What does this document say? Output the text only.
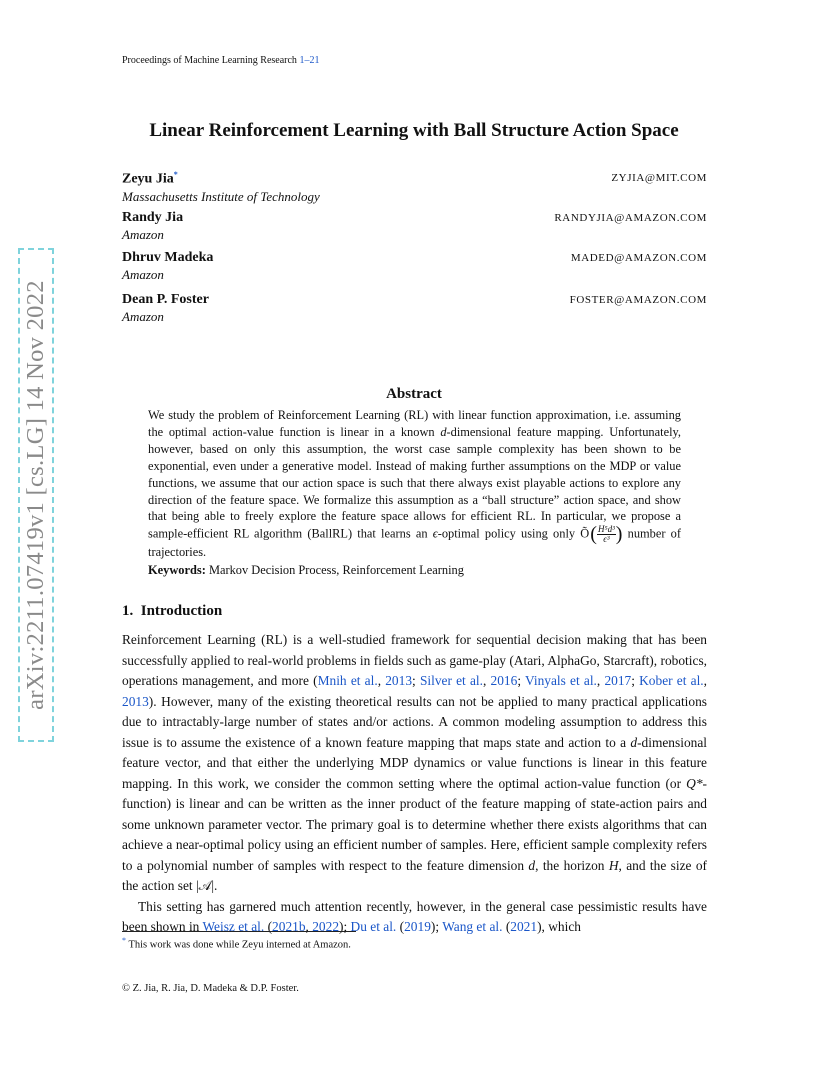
Proceedings of Machine Learning Research 1–21
arXiv:2211.07419v1 [cs.LG] 14 Nov 2022
Linear Reinforcement Learning with Ball Structure Action Space
Zeyu Jia*
Massachusetts Institute of Technology
ZYJIA@MIT.COM
Randy Jia
Amazon
RANDYJIA@AMAZON.COM
Dhruv Madeka
Amazon
MADED@AMAZON.COM
Dean P. Foster
Amazon
FOSTER@AMAZON.COM
Abstract
We study the problem of Reinforcement Learning (RL) with linear function approximation, i.e. assuming the optimal action-value function is linear in a known d-dimensional feature mapping. Unfortunately, however, based on only this assumption, the worst case sample complexity has been shown to be exponential, even under a generative model. Instead of making further assumptions on the MDP or value functions, we assume that our action space is such that there always exist playable actions to explore any direction of the feature space. We formalize this assumption as a “ball structure” action space, and show that being able to freely explore the feature space allows for efficient RL. In particular, we propose a sample-efficient RL algorithm (BallRL) that learns an ϵ-optimal policy using only Õ ( $\frac{\text{H⁵d³}}{\text{ϵ³}}$ ) number of trajectories.
Keywords: Markov Decision Process, Reinforcement Learning
1. Introduction

Reinforcement Learning (RL) is a well-studied framework for sequential decision making that has been successfully applied to real-world problems in fields such as game-play (Atari, AlphaGo, Starcraft), robotics, operations management, and more (Mnih et al., 2013; Silver et al., 2016; Vinyals et al., 2017; Kober et al., 2013). However, many of the existing theoretical results can not be applied to many practical applications due to intractably-large number of states and/or actions. A common modeling assumption to address this issue is to assume the existence of a known feature mapping that maps state and action to a d-dimensional feature vector, and that either the underlying MDP dynamics or value functions is linear in this feature mapping. In this work, we consider the common setting where the optimal action-value function (or Q*-function) is linear and can be written as the inner product of the feature mapping of state-action pairs and some unknown parameter vector. The primary goal is to determine whether there exists algorithms that can achieve a near-optimal policy using an efficient number of samples. Here, efficient sample complexity refers to a polynomial number of samples with respect to the feature dimension d, the horizon H, and the size of the action set |𝒜|.

This setting has garnered much attention recently, however, in the general case pessimistic results have been shown in Weisz et al. (2021b, 2022); Du et al. (2019); Wang et al. (2021), which

* This work was done while Zeyu interned at Amazon.
© Z. Jia, R. Jia, D. Madeka & D.P. Foster.
